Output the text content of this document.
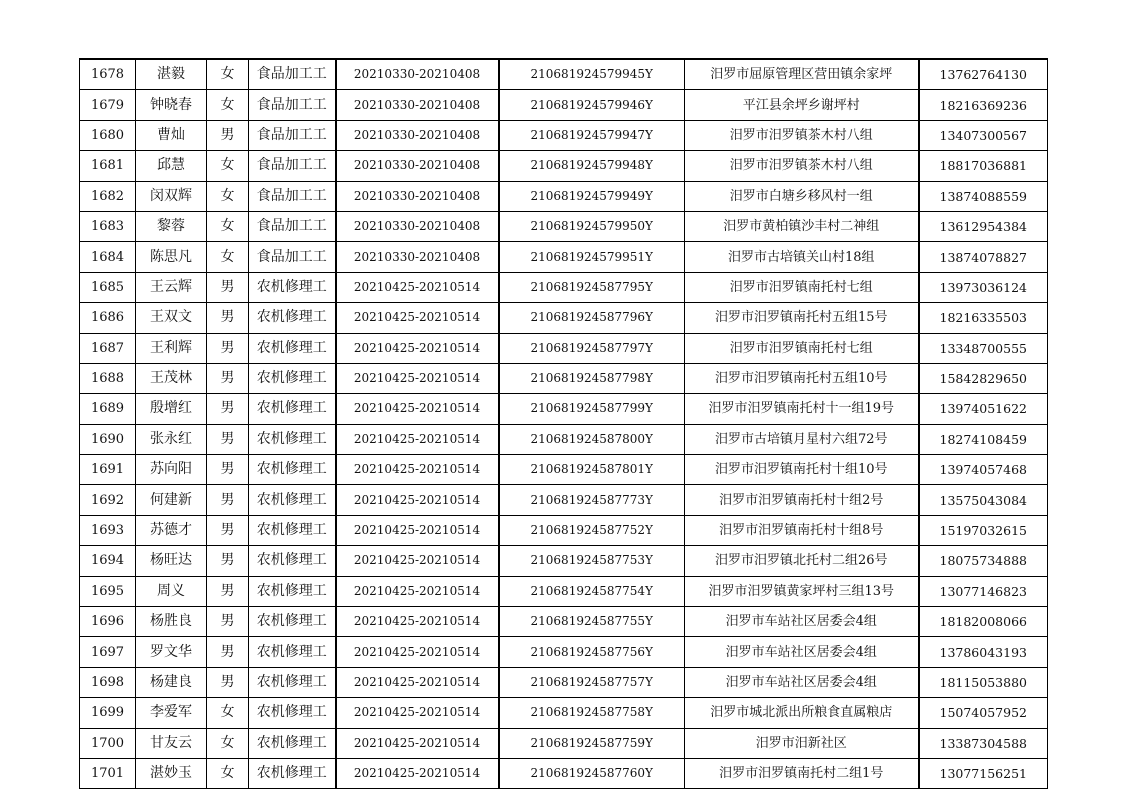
1678	湛毅	女	食品加工工	20210330-20210408	210681924579945Y	汨罗市屈原管理区营田镇余家坪	13762764130
1679	钟晓春	女	食品加工工	20210330-20210408	210681924579946Y	平江县余坪乡谢坪村	18216369236
1680	曹灿	男	食品加工工	20210330-20210408	210681924579947Y	汨罗市汨罗镇茶木村八组	13407300567
1681	邱慧	女	食品加工工	20210330-20210408	210681924579948Y	汨罗市汨罗镇茶木村八组	18817036881
1682	闵双辉	女	食品加工工	20210330-20210408	210681924579949Y	汨罗市白塘乡移风村一组	13874088559
1683	黎蓉	女	食品加工工	20210330-20210408	210681924579950Y	汨罗市黄柏镇沙丰村二神组	13612954384
1684	陈思凡	女	食品加工工	20210330-20210408	210681924579951Y	汨罗市古培镇关山村18组	13874078827
1685	王云辉	男	农机修理工	20210425-20210514	210681924587795Y	汨罗市汨罗镇南托村七组	13973036124
1686	王双文	男	农机修理工	20210425-20210514	210681924587796Y	汨罗市汨罗镇南托村五组15号	18216335503
1687	王利辉	男	农机修理工	20210425-20210514	210681924587797Y	汨罗市汨罗镇南托村七组	13348700555
1688	王茂林	男	农机修理工	20210425-20210514	210681924587798Y	汨罗市汨罗镇南托村五组10号	15842829650
1689	殷增红	男	农机修理工	20210425-20210514	210681924587799Y	汨罗市汨罗镇南托村十一组19号	13974051622
1690	张永红	男	农机修理工	20210425-20210514	210681924587800Y	汨罗市古培镇月星村六组72号	18274108459
1691	苏向阳	男	农机修理工	20210425-20210514	210681924587801Y	汨罗市汨罗镇南托村十组10号	13974057468
1692	何建新	男	农机修理工	20210425-20210514	210681924587773Y	汨罗市汨罗镇南托村十组2号	13575043084
1693	苏德才	男	农机修理工	20210425-20210514	210681924587752Y	汨罗市汨罗镇南托村十组8号	15197032615
1694	杨旺达	男	农机修理工	20210425-20210514	210681924587753Y	汨罗市汨罗镇北托村二组26号	18075734888
1695	周义	男	农机修理工	20210425-20210514	210681924587754Y	汨罗市汨罗镇黄家坪村三组13号	13077146823
1696	杨胜良	男	农机修理工	20210425-20210514	210681924587755Y	汨罗市车站社区居委会4组	18182008066
1697	罗文华	男	农机修理工	20210425-20210514	210681924587756Y	汨罗市车站社区居委会4组	13786043193
1698	杨建良	男	农机修理工	20210425-20210514	210681924587757Y	汨罗市车站社区居委会4组	18115053880
1699	李爱军	女	农机修理工	20210425-20210514	210681924587758Y	汨罗市城北派出所粮食直属粮店	15074057952
1700	甘友云	女	农机修理工	20210425-20210514	210681924587759Y	汨罗市汨新社区	13387304588
1701	湛妙玉	女	农机修理工	20210425-20210514	210681924587760Y	汨罗市汨罗镇南托村二组1号	13077156251
